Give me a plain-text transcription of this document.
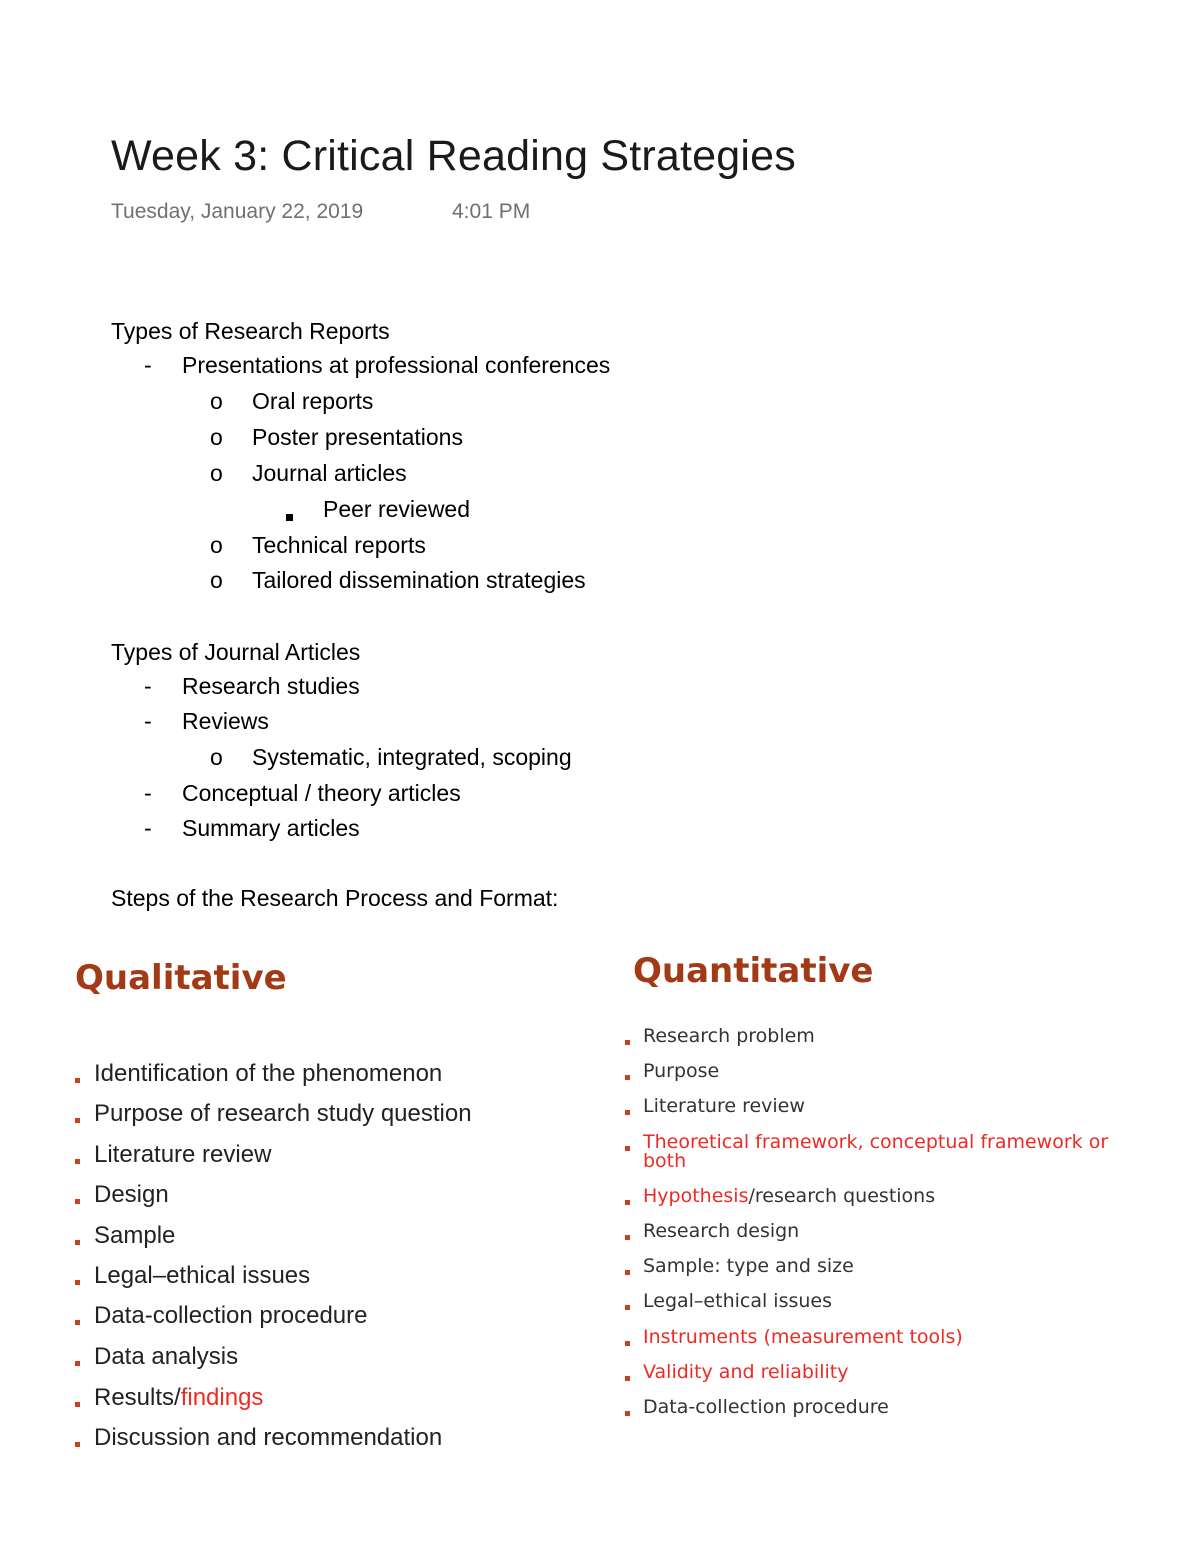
Week 3: Critical Reading Strategies
Tuesday, January 22, 2019	4:01 PM
Types of Research Reports
- Presentations at professional conferences
o Oral reports
o Poster presentations
o Journal articles
Peer reviewed
o Technical reports
o Tailored dissemination strategies
Types of Journal Articles
- Research studies
- Reviews
o Systematic, integrated, scoping
- Conceptual / theory articles
- Summary articles
Steps of the Research Process and Format:
Qualitative
Identification of the phenomenon
Purpose of research study question
Literature review
Design
Sample
Legal–ethical issues
Data-collection procedure
Data analysis
Results/findings
Discussion and recommendation
Quantitative
Research problem
Purpose
Literature review
Theoretical framework, conceptual framework or
both
Hypothesis/research questions
Research design
Sample: type and size
Legal–ethical issues
Instruments (measurement tools)
Validity and reliability
Data-collection procedure
